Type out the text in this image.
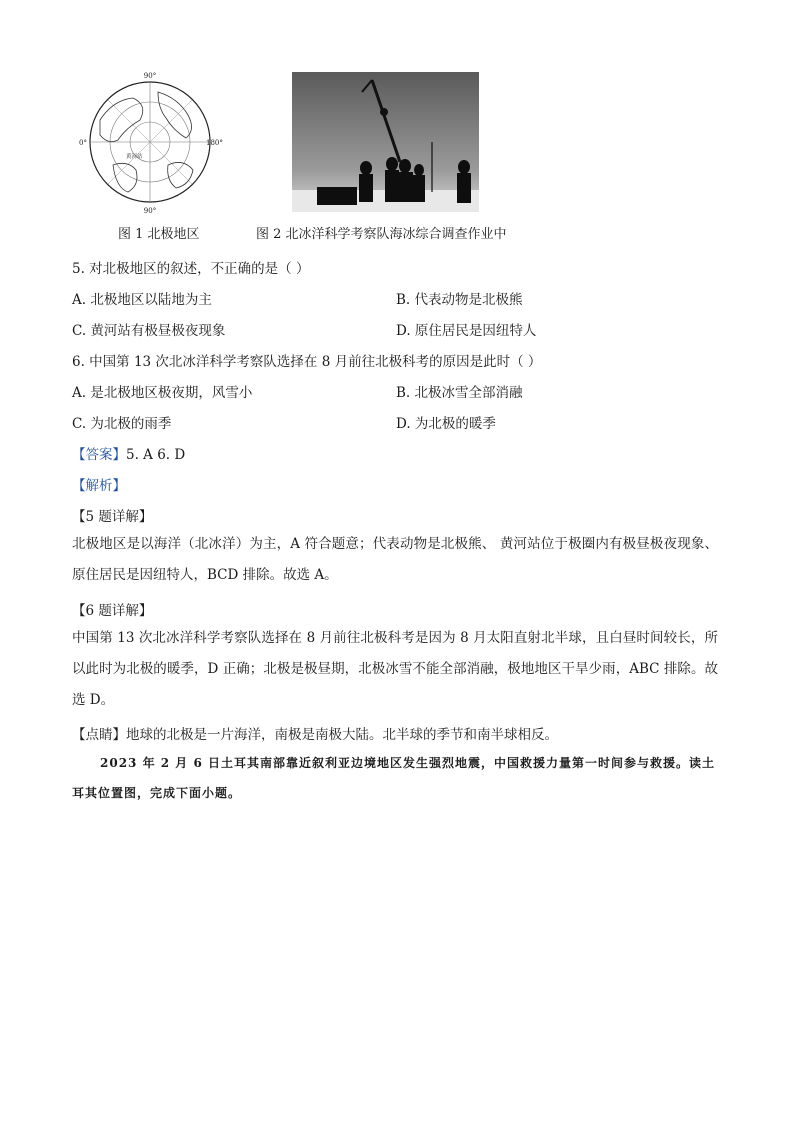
90°
0°	180°
90°
黄河站
图 1 北极地区	图 2 北冰洋科学考察队海冰综合调查作业中
5. 对北极地区的叙述，不正确的是（ ）
A. 北极地区以陆地为主	B. 代表动物是北极熊
C. 黄河站有极昼极夜现象	D. 原住居民是因纽特人
6. 中国第 13 次北冰洋科学考察队选择在 8 月前往北极科考的原因是此时（ ）
A. 是北极地区极夜期，风雪小	B. 北极冰雪全部消融
C. 为北极的雨季	D. 为北极的暖季
【答案】5. A 6. D
【解析】
【5 题详解】
北极地区是以海洋（北冰洋）为主，A 符合题意；代表动物是北极熊、 黄河站位于极圈内有极昼极夜现象、 原住居民是因纽特人，BCD 排除。故选 A。
【6 题详解】
中国第 13 次北冰洋科学考察队选择在 8 月前往北极科考是因为 8 月太阳直射北半球，且白昼时间较长，所以此时为北极的暖季，D 正确；北极是极昼期，北极冰雪不能全部消融，极地地区干旱少雨，ABC 排除。故选 D。
【点睛】地球的北极是一片海洋，南极是南极大陆。北半球的季节和南半球相反。
2023 年 2 月 6 日土耳其南部靠近叙利亚边境地区发生强烈地震，中国救援力量第一时间参与救援。读土耳其位置图，完成下面小题。
